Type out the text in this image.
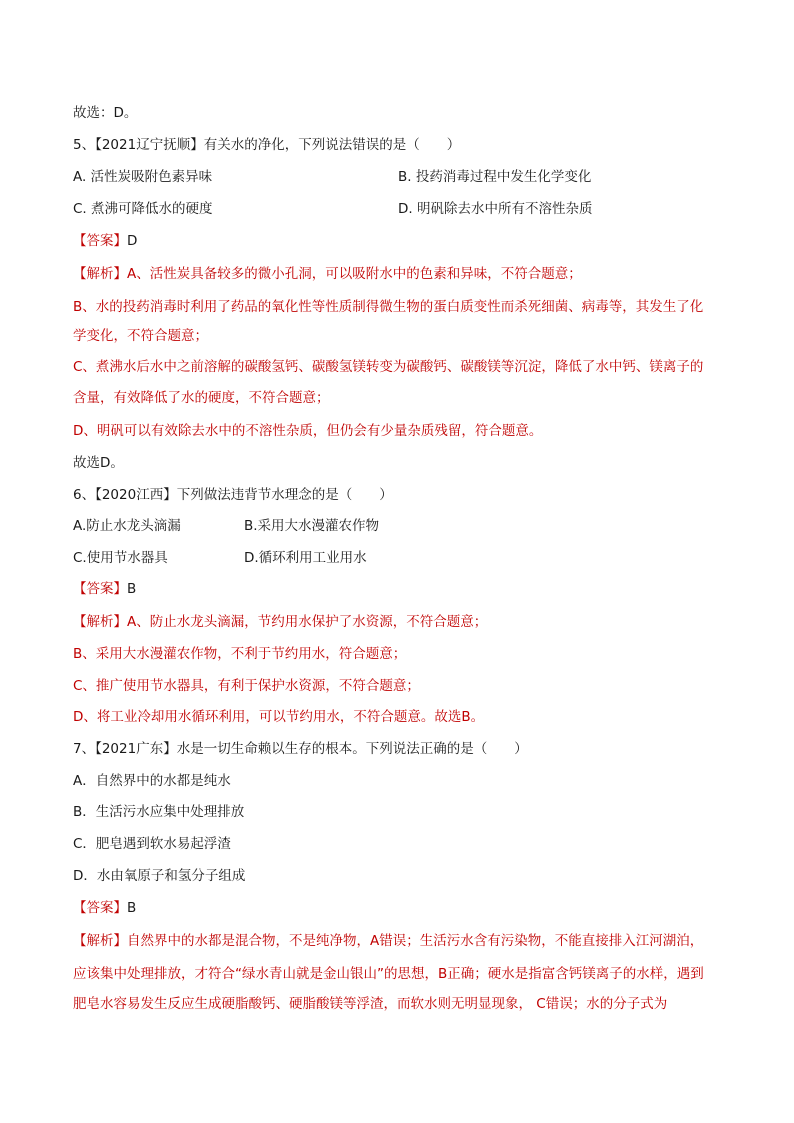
故选：D。
5、【2021辽宁抚顺】有关水的净化，下列说法错误的是（　　）
A. 活性炭吸附色素异味	B. 投药消毒过程中发生化学变化
C. 煮沸可降低水的硬度	D. 明矾除去水中所有不溶性杂质
【答案】D
【解析】A、活性炭具备较多的微小孔洞，可以吸附水中的色素和异味，不符合题意；
B、水的投药消毒时利用了药品的氧化性等性质制得微生物的蛋白质变性而杀死细菌、病毒等，其发生了化
学变化，不符合题意；
C、煮沸水后水中之前溶解的碳酸氢钙、碳酸氢镁转变为碳酸钙、碳酸镁等沉淀，降低了水中钙、镁离子的
含量，有效降低了水的硬度，不符合题意；
D、明矾可以有效除去水中的不溶性杂质，但仍会有少量杂质残留，符合题意。
故选D。
6、【2020江西】下列做法违背节水理念的是（　　）
A.防止水龙头滴漏	B.采用大水漫灌农作物
C.使用节水器具	D.循环利用工业用水
【答案】B
【解析】A、防止水龙头滴漏，节约用水保护了水资源，不符合题意；
B、采用大水漫灌农作物，不利于节约用水，符合题意；
C、推广使用节水器具，有利于保护水资源，不符合题意；
D、将工业冷却用水循环利用，可以节约用水，不符合题意。故选B。
7、【2021广东】水是一切生命赖以生存的根本。下列说法正确的是（　　）
A．自然界中的水都是纯水
B．生活污水应集中处理排放
C．肥皂遇到软水易起浮渣
D．水由氧原子和氢分子组成
【答案】B
【解析】自然界中的水都是混合物，不是纯净物，A错误；生活污水含有污染物，不能直接排入江河湖泊，
应该集中处理排放，才符合“绿水青山就是金山银山”的思想，B正确；硬水是指富含钙镁离子的水样，遇到
肥皂水容易发生反应生成硬脂酸钙、硬脂酸镁等浮渣，而软水则无明显现象， C错误；水的分子式为
